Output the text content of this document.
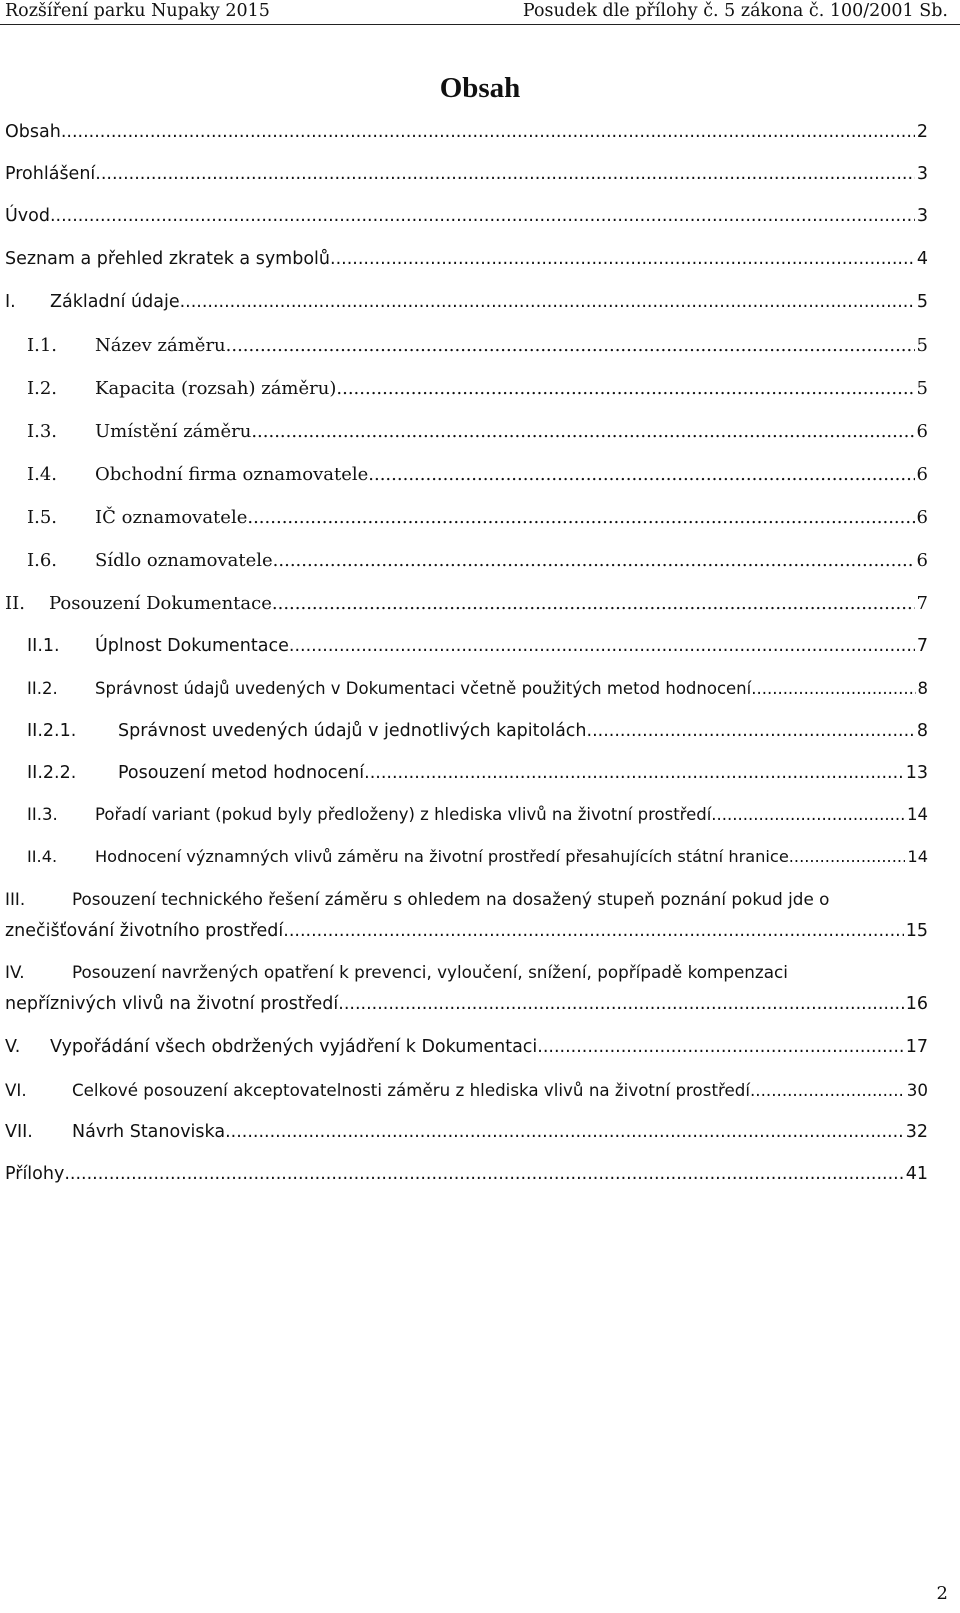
Rozšíření parku Nupaky 2015	Posudek dle přílohy č. 5 zákona č. 100/2001 Sb.
Obsah
Obsah .....	2
Prohlášení .....	3
Úvod .....	3
Seznam a přehled zkratek a symbolů .....	4
I.	Základní údaje .....	5
I.1.	Název záměru .....	5
I.2.	Kapacita (rozsah) záměru) .....	5
I.3.	Umístění záměru .....	6
I.4.	Obchodní firma oznamovatele .....	6
I.5.	IČ oznamovatele .....	6
I.6.	Sídlo oznamovatele .....	6
II.	Posouzení Dokumentace .....	7
II.1.	Úplnost Dokumentace .....	7
II.2.	Správnost údajů uvedených v Dokumentaci včetně použitých metod hodnocení .....	8
II.2.1.	Správnost uvedených údajů v jednotlivých kapitolách .....	8
II.2.2.	Posouzení metod hodnocení .....	13
II.3.	Pořadí variant (pokud byly předloženy) z hlediska vlivů na životní prostředí .....	14
II.4.	Hodnocení významných vlivů záměru na životní prostředí přesahujících státní hranice .....	14
III.	Posouzení technického řešení záměru s ohledem na dosažený stupeň poznání pokud jde o
znečišťování životního prostředí .....	15
IV.	Posouzení navržených opatření k prevenci, vyloučení, snížení, popřípadě kompenzaci
nepříznivých vlivů na životní prostředí .....	16
V.	Vypořádání všech obdržených vyjádření k Dokumentaci .....	17
VI.	Celkové posouzení akceptovatelnosti záměru z hlediska vlivů na životní prostředí .....	30
VII.	Návrh Stanoviska .....	32
Přílohy .....	41
2
